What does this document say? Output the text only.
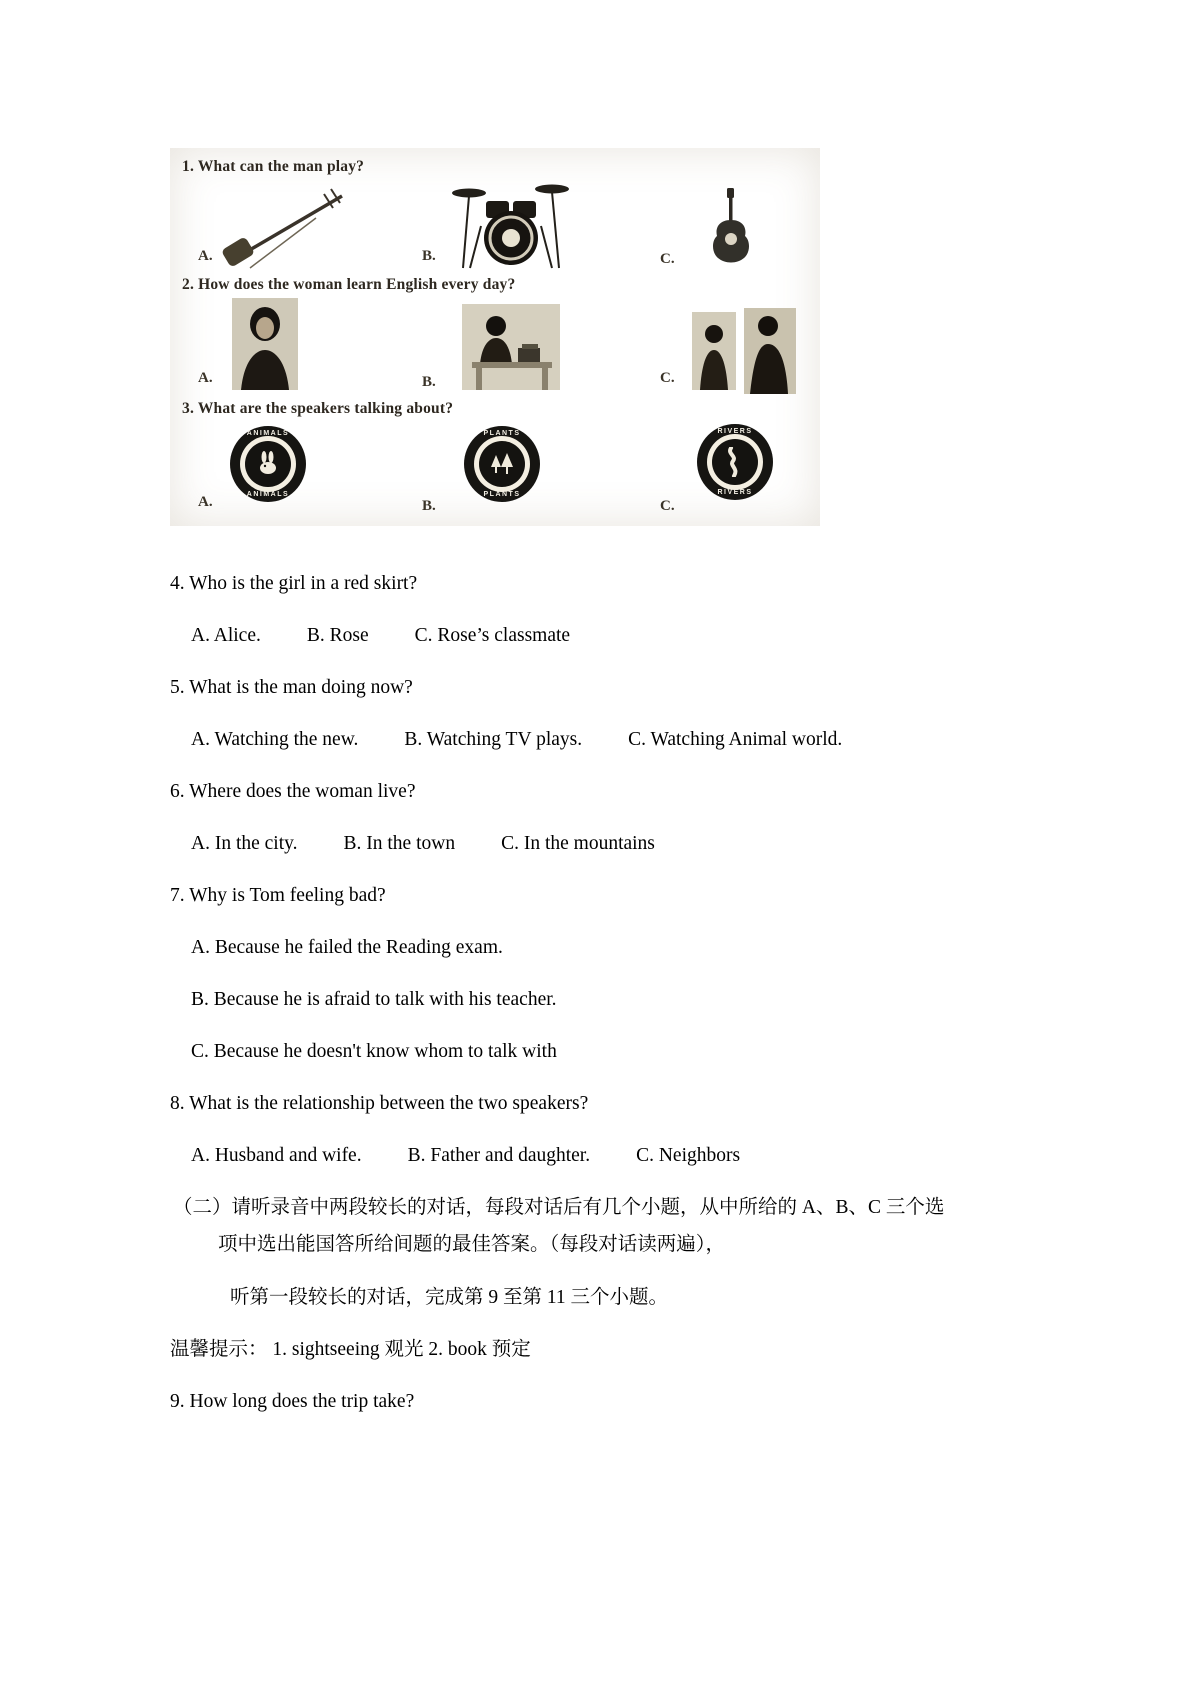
1. What can the man play?
A.	B.	C.
2. How does the woman learn English every day?
A.	B.	C.
3. What are the speakers talking about?
ANIMALS
ANIMALS
A.
PLANTS
PLANTS
B.
RIVERS
RIVERS
C.

4. Who is the girl in a red skirt?

A. Alice. B. Rose C. Rose’s classmate

5. What is the man doing now?

A. Watching the new. B. Watching TV plays. C. Watching Animal world.

6. Where does the woman live?

A. In the city. B. In the town C. In the mountains

7. Why is Tom feeling bad?

A. Because he failed the Reading exam.

B. Because he is afraid to talk with his teacher.

C. Because he doesn't know whom to talk with

8. What is the relationship between the two speakers?

A. Husband and wife. B. Father and daughter. C. Neighbors

（二）请听录音中两段较长的对话，每段对话后有几个小题，从中所给的 A、B、C 三个选

项中选出能国答所给间题的最佳答案。（每段对话读两遍），

听第一段较长的对话，完成第 9 至第 11 三个小题。

温馨提示： 1. sightseeing 观光 2. book 预定

9. How long does the trip take?
